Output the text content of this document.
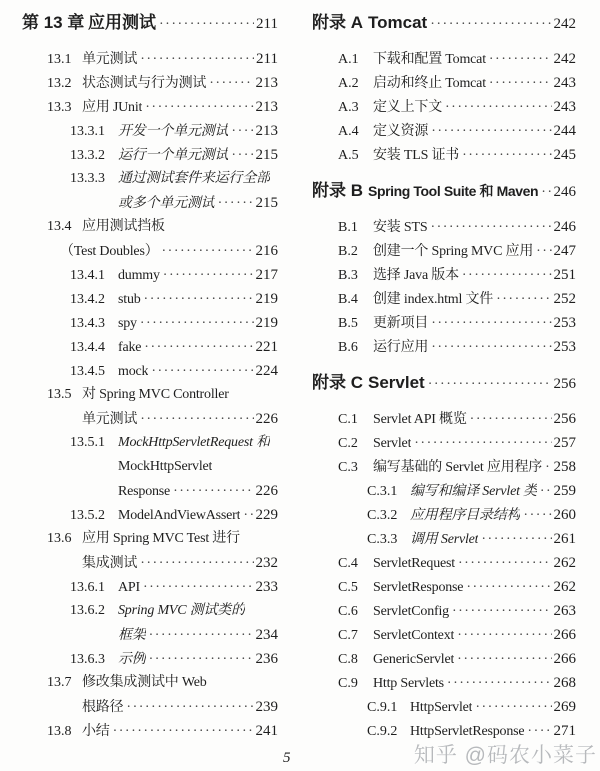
第 13 章 应用测试 ·····	211
13.1 单元测试 ·····	211
13.2 状态测试与行为测试 ·····	213
13.3 应用 JUnit ·····	213
13.3.1 开发一个单元测试 ····· 213
13.3.2 运行一个单元测试 ····· 215
13.3.3 通过测试套件来运行全部
或多个单元测试 ·····	215
13.4 应用测试挡板
（Test Doubles） ·····	216
13.4.1 dummy ·····	217
13.4.2 stub ·····	219
13.4.3 spy ·····	219
13.4.4 fake ·····	221
13.4.5 mock ·····	224
13.5 对 Spring MVC Controller
单元测试 ·····	226
13.5.1 MockHttpServletRequest 和
MockHttpServlet
Response ·····	226
13.5.2 ModelAndViewAssert ····· 229
13.6 应用 Spring MVC Test 进行
集成测试 ·····	232
13.6.1 API ·····	233
13.6.2 Spring MVC 测试类的
框架 ·····	234
13.6.3 示例 ·····	236
13.7 修改集成测试中 Web
根路径 ·····	239
13.8 小结 ·····	241
附录 A Tomcat ·····	242
A.1	下载和配置 Tomcat ·····	242
A.2	启动和终止 Tomcat ·····	243
A.3	定义上下文 ·····	243
A.4	定义资源 ·····	244
A.5	安装 TLS 证书 ·····	245
附录 B Spring Tool Suite 和 Maven ····· 246
B.1	安装 STS ·····	246
B.2	创建一个 Spring MVC 应用 ····· 247
B.3	选择 Java 版本 ·····	251
B.4	创建 index.html 文件 ·····	252
B.5	更新项目 ·····	253
B.6	运行应用 ·····	253
附录 C Servlet ·····	256
C.1	Servlet API 概览 ·····	256
C.2	Servlet ·····	257
C.3	编写基础的 Servlet 应用程序 ····· 258
C.3.1 编写和编译 Servlet 类 ····· 259
C.3.2 应用程序目录结构 ····· 260
C.3.3 调用 Servlet ·····	261
C.4	ServletRequest ·····	262
C.5	ServletResponse ·····	262
C.6	ServletConfig ·····	263
C.7	ServletContext ·····	266
C.8	GenericServlet ·····	266
C.9	Http Servlets ·····	268
C.9.1 HttpServlet ·····	269
C.9.2 HttpServletResponse ····· 271
5	知乎 @码农小菜子
